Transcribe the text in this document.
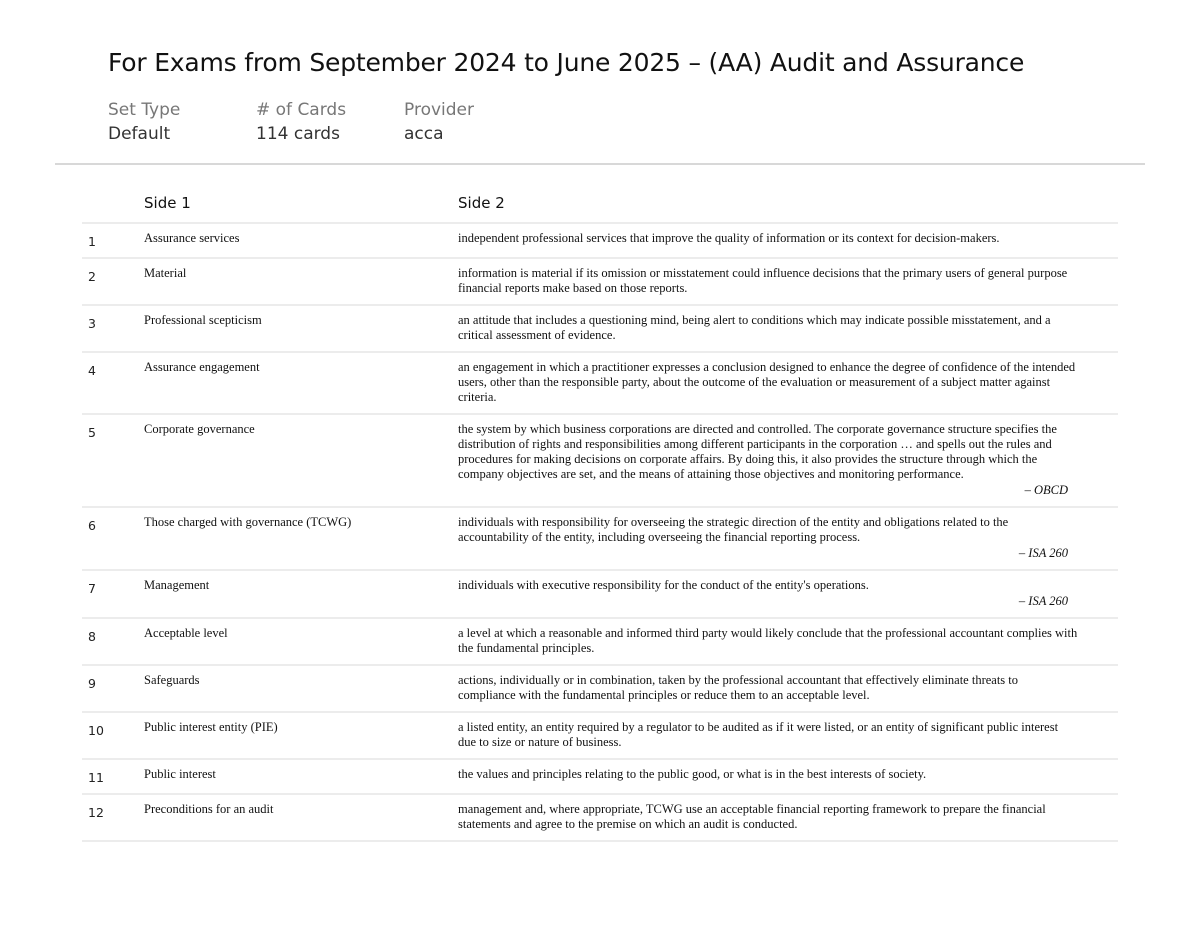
For Exams from September 2024 to June 2025 – (AA) Audit and Assurance
Set Type
Default
# of Cards
114 cards
Provider
acca
	Side 1	Side 2
1	Assurance services	independent professional services that improve the quality of information or its context for decision-makers.
2	Material	information is material if its omission or misstatement could influence decisions that the primary users of general purpose financial reports make based on those reports.
3	Professional scepticism	an attitude that includes a questioning mind, being alert to conditions which may indicate possible misstatement, and a critical assessment of evidence.
4	Assurance engagement	an engagement in which a practitioner expresses a conclusion designed to enhance the degree of confidence of the intended users, other than the responsible party, about the outcome of the evaluation or measurement of a subject matter against criteria.
5	Corporate governance	the system by which business corporations are directed and controlled. The corporate governance structure specifies the distribution of rights and responsibilities among different participants in the corporation … and spells out the rules and procedures for making decisions on corporate affairs. By doing this, it also provides the structure through which the company objectives are set, and the means of attaining those objectives and monitoring performance.
– OBCD

6	Those charged with governance (TCWG)	individuals with responsibility for overseeing the strategic direction of the entity and obligations related to the accountability of the entity, including overseeing the financial reporting process.
– ISA 260

7	Management	individuals with executive responsibility for the conduct of the entity's operations.
– ISA 260

8	Acceptable level	a level at which a reasonable and informed third party would likely conclude that the professional accountant complies with the fundamental principles.
9	Safeguards	actions, individually or in combination, taken by the professional accountant that effectively eliminate threats to compliance with the fundamental principles or reduce them to an acceptable level.
10	Public interest entity (PIE)	a listed entity, an entity required by a regulator to be audited as if it were listed, or an entity of significant public interest due to size or nature of business.
11	Public interest	the values and principles relating to the public good, or what is in the best interests of society.
12	Preconditions for an audit	management and, where appropriate, TCWG use an acceptable financial reporting framework to prepare the financial statements and agree to the premise on which an audit is conducted.
